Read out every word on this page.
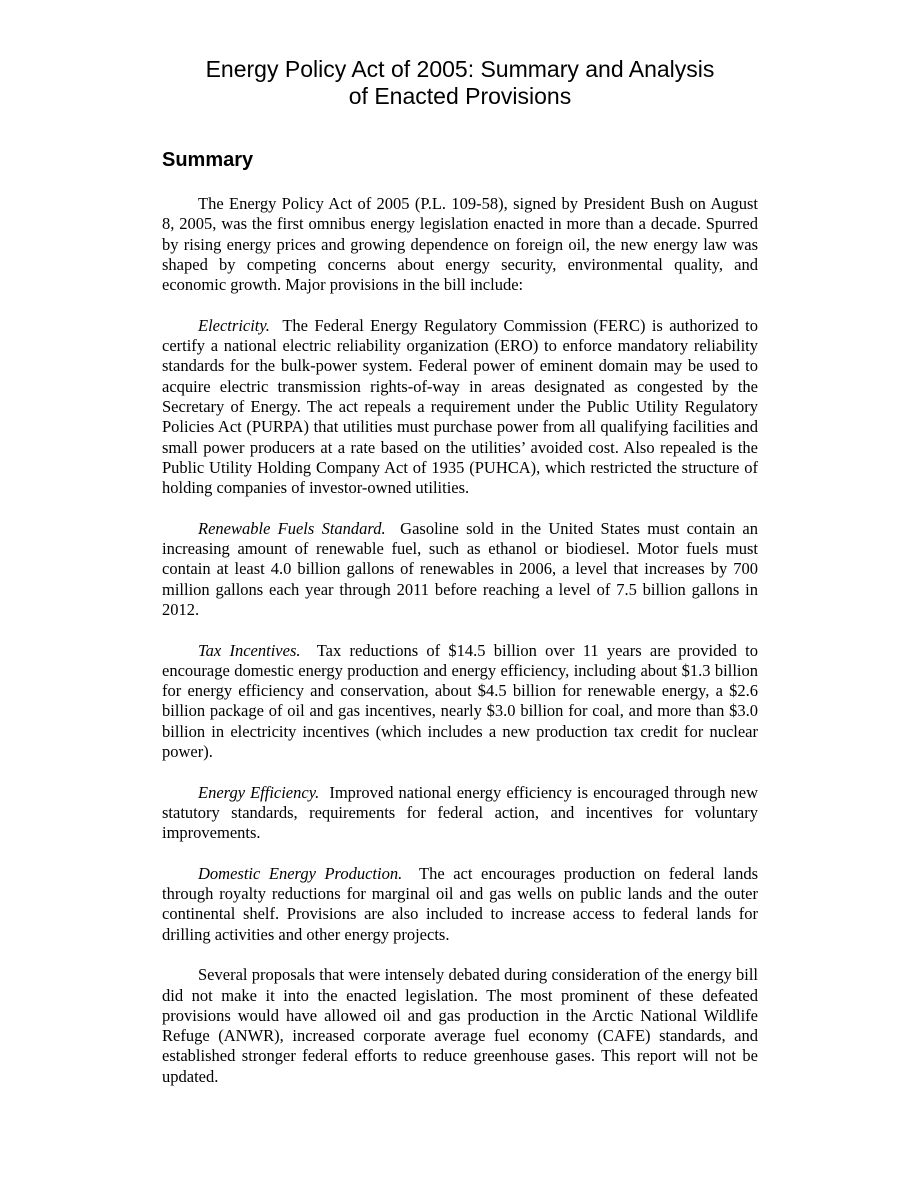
Energy Policy Act of 2005: Summary and Analysis
of Enacted Provisions
Summary

The Energy Policy Act of 2005 (P.L. 109-58), signed by President Bush on August 8, 2005, was the first omnibus energy legislation enacted in more than a decade. Spurred by rising energy prices and growing dependence on foreign oil, the new energy law was shaped by competing concerns about energy security, environmental quality, and economic growth. Major provisions in the bill include:

Electricity. The Federal Energy Regulatory Commission (FERC) is authorized to certify a national electric reliability organization (ERO) to enforce mandatory reliability standards for the bulk-power system. Federal power of eminent domain may be used to acquire electric transmission rights-of-way in areas designated as congested by the Secretary of Energy. The act repeals a requirement under the Public Utility Regulatory Policies Act (PURPA) that utilities must purchase power from all qualifying facilities and small power producers at a rate based on the utilities’ avoided cost. Also repealed is the Public Utility Holding Company Act of 1935 (PUHCA), which restricted the structure of holding companies of investor-owned utilities.

Renewable Fuels Standard. Gasoline sold in the United States must contain an increasing amount of renewable fuel, such as ethanol or biodiesel. Motor fuels must contain at least 4.0 billion gallons of renewables in 2006, a level that increases by 700 million gallons each year through 2011 before reaching a level of 7.5 billion gallons in 2012.

Tax Incentives. Tax reductions of $14.5 billion over 11 years are provided to encourage domestic energy production and energy efficiency, including about $1.3 billion for energy efficiency and conservation, about $4.5 billion for renewable energy, a $2.6 billion package of oil and gas incentives, nearly $3.0 billion for coal, and more than $3.0 billion in electricity incentives (which includes a new production tax credit for nuclear power).

Energy Efficiency. Improved national energy efficiency is encouraged through new statutory standards, requirements for federal action, and incentives for voluntary improvements.

Domestic Energy Production. The act encourages production on federal lands through royalty reductions for marginal oil and gas wells on public lands and the outer continental shelf. Provisions are also included to increase access to federal lands for drilling activities and other energy projects.

Several proposals that were intensely debated during consideration of the energy bill did not make it into the enacted legislation. The most prominent of these defeated provisions would have allowed oil and gas production in the Arctic National Wildlife Refuge (ANWR), increased corporate average fuel economy (CAFE) standards, and established stronger federal efforts to reduce greenhouse gases. This report will not be updated.
